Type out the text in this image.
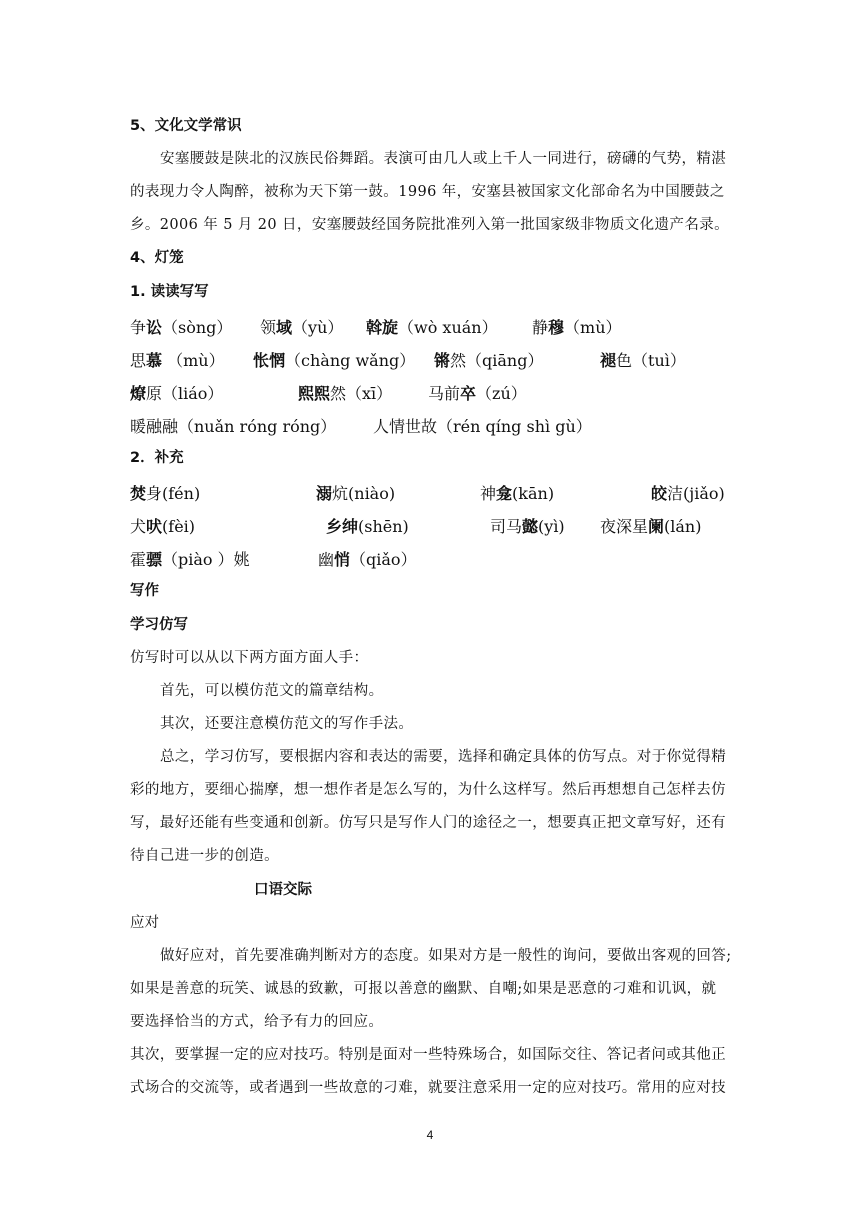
5、文化文学常识
安塞腰鼓是陕北的汉族民俗舞蹈。表演可由几人或上千人一同进行，磅礴的气势，精湛
的表现力令人陶醉，被称为天下第一鼓。1996 年，安塞县被国家文化部命名为中国腰鼓之
乡。2006 年 5 月 20 日，安塞腰鼓经国务院批准列入第一批国家级非物质文化遗产名录。
4、灯笼
1. 读读写写
争讼（sòng） 领域（yù） 斡旋（wò xuán） 静穆（mù）
思慕 （mù） 怅惘（chàng wǎng） 锵然（qiāng）	褪色（tuì）
燎原（liáo）	熙熙然（xī） 马前卒（zú）
暖融融（nuǎn róng róng） 人情世故（rén qíng shì gù）
2．补充
焚身(fén)	溺炕(niào)	神龛(kān)	皎洁(jiǎo)
犬吠(fèi)	乡绅(shēn)	司马懿(yì) 夜深星阑(lán)
霍骠（piào ）姚	幽悄（qiǎo）
写作
学习仿写
仿写时可以从以下两方面方面人手：
首先，可以模仿范文的篇章结构。
其次，还要注意模仿范文的写作手法。
总之，学习仿写，要根据内容和表达的需要，选择和确定具体的仿写点。对于你觉得精
彩的地方，要细心揣摩，想一想作者是怎么写的，为什么这样写。然后再想想自己怎样去仿
写，最好还能有些变通和创新。仿写只是写作人门的途径之一，想要真正把文章写好，还有
待自己进一步的创造。
口语交际
应对
做好应对，首先要准确判断对方的态度。如果对方是一般性的询问，要做出客观的回答;
如果是善意的玩笑、诚恳的致歉，可报以善意的幽默、自嘲;如果是恶意的刁难和讥讽，就
要选择恰当的方式，给予有力的回应。
其次，要掌握一定的应对技巧。特别是面对一些特殊场合，如国际交往、答记者问或其他正
式场合的交流等，或者遇到一些故意的刁难，就要注意采用一定的应对技巧。常用的应对技
4
